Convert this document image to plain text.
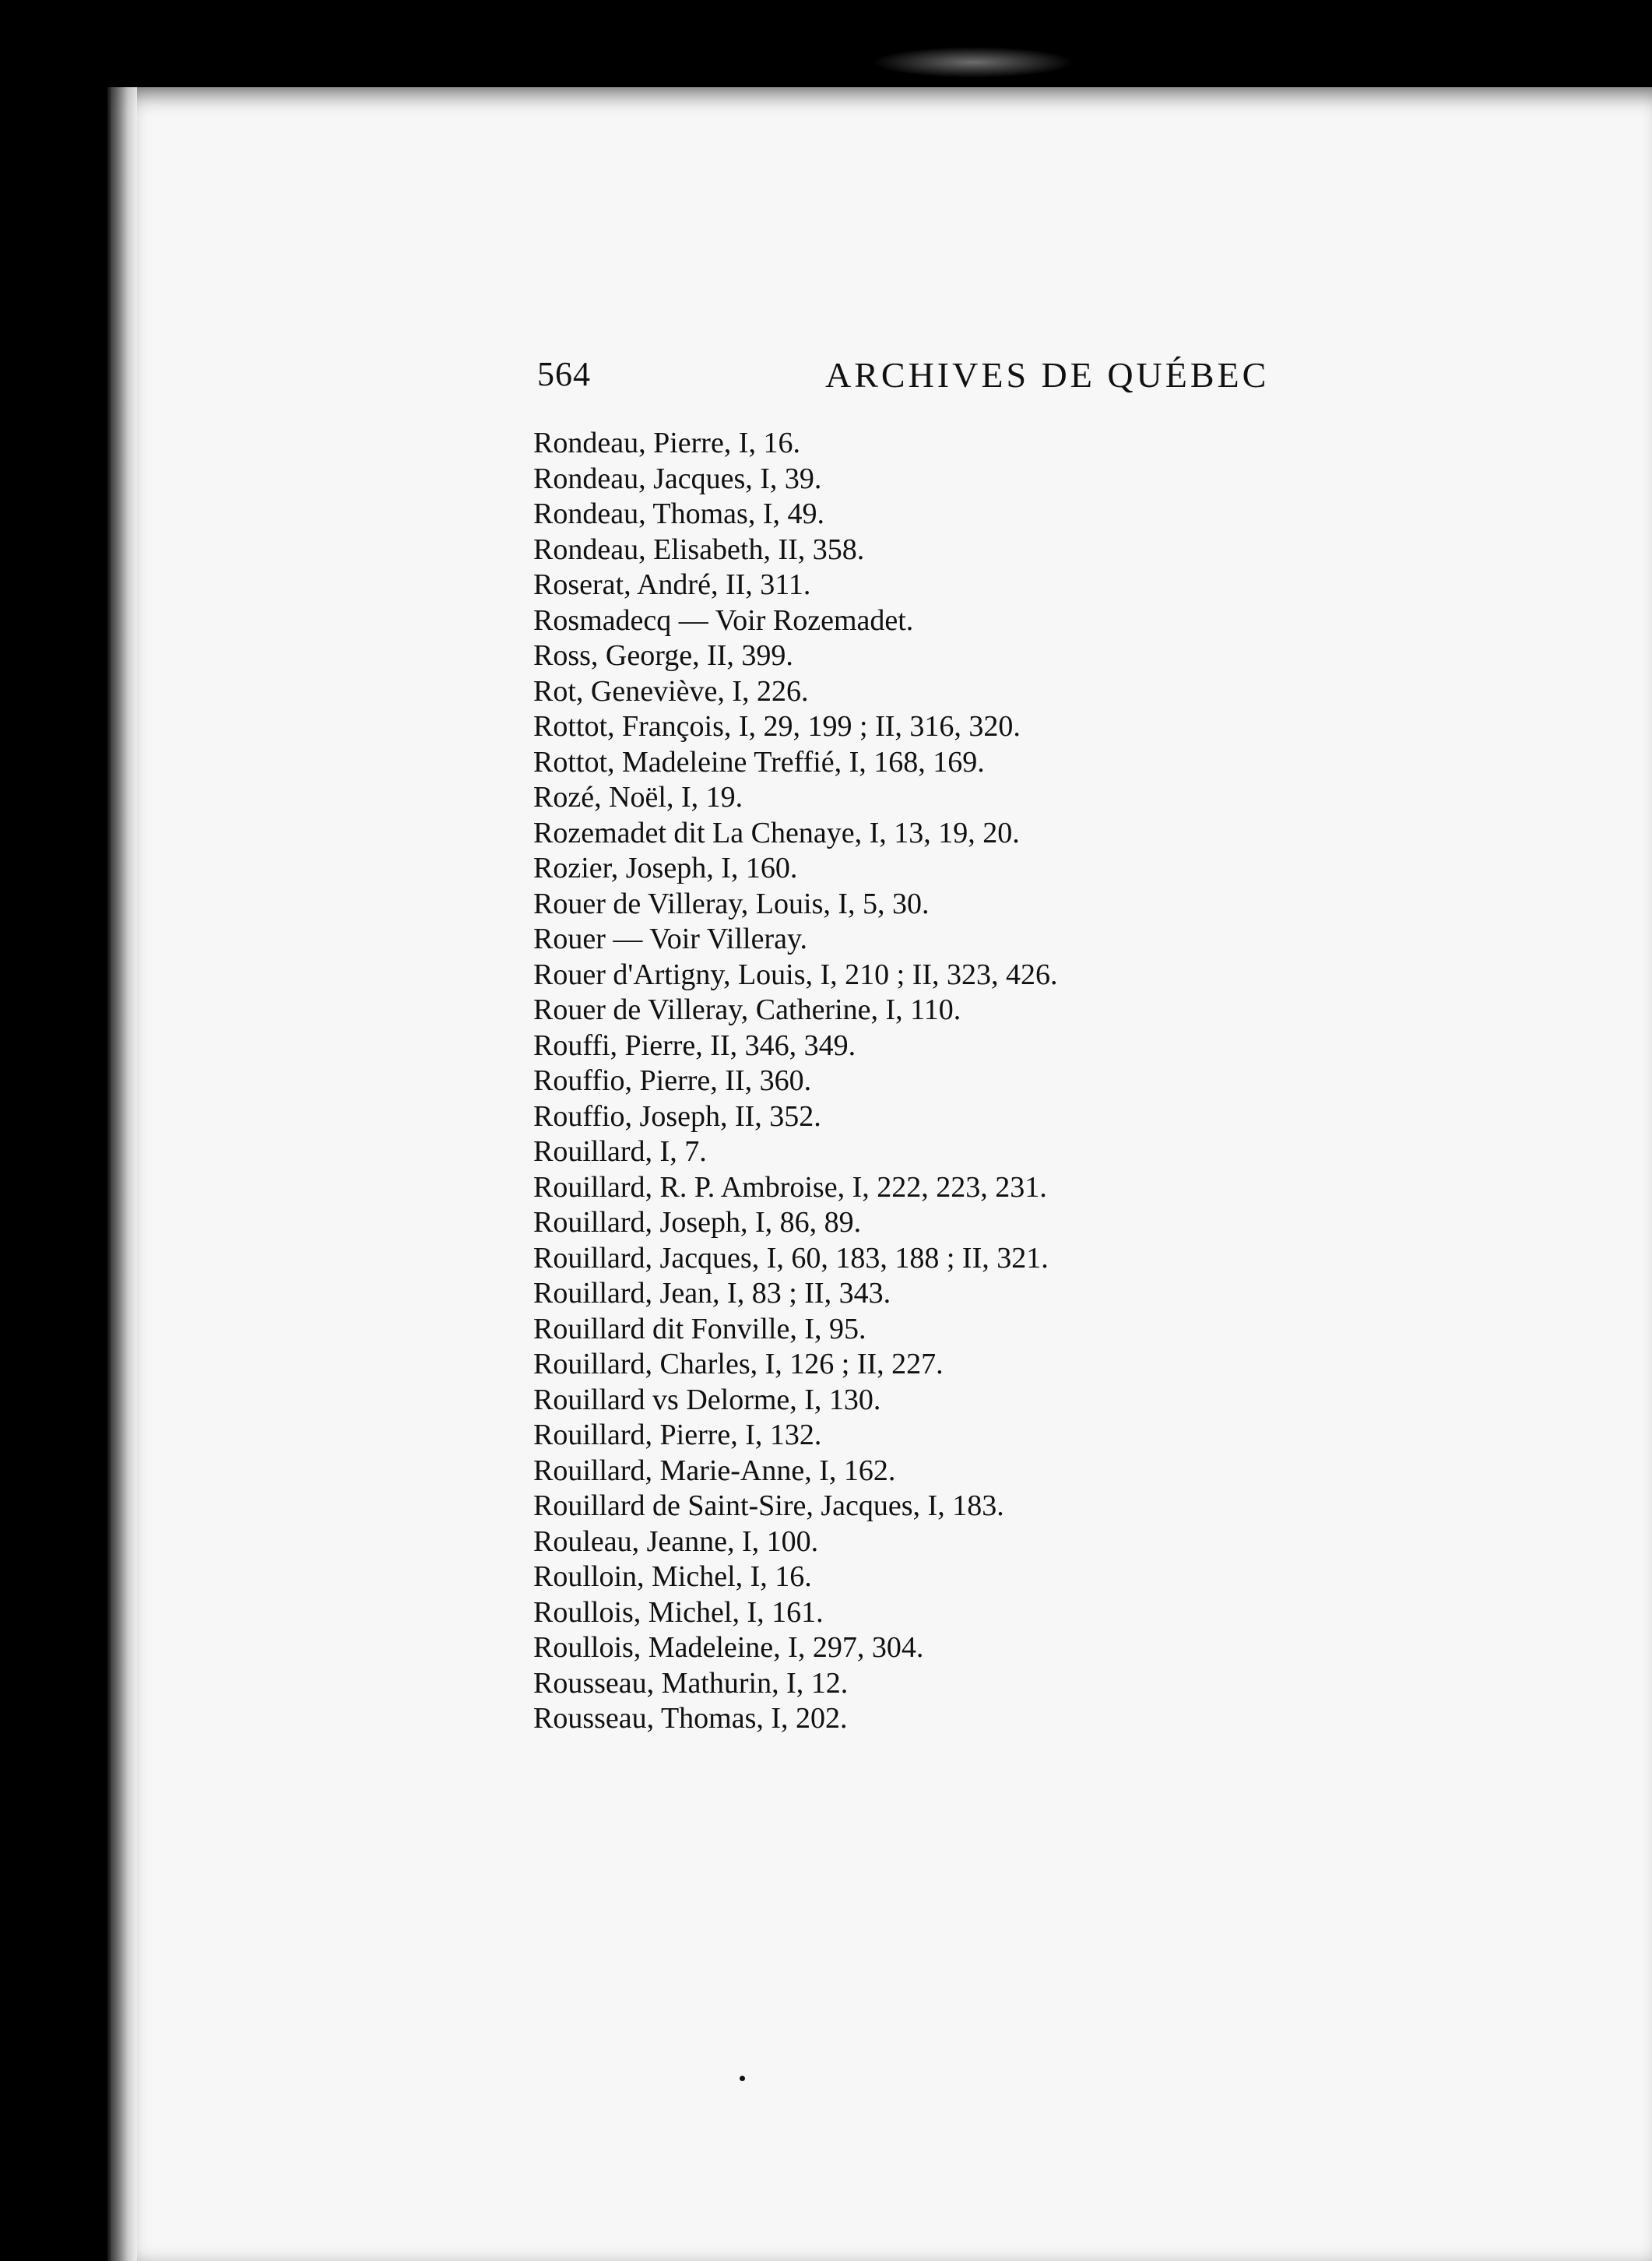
564	ARCHIVES DE QUÉBEC
Rondeau, Pierre, I, 16.
Rondeau, Jacques, I, 39.
Rondeau, Thomas, I, 49.
Rondeau, Elisabeth, II, 358.
Roserat, André, II, 311.
Rosmadecq — Voir Rozemadet.
Ross, George, II, 399.
Rot, Geneviève, I, 226.
Rottot, François, I, 29, 199 ; II, 316, 320.
Rottot, Madeleine Treffié, I, 168, 169.
Rozé, Noël, I, 19.
Rozemadet dit La Chenaye, I, 13, 19, 20.
Rozier, Joseph, I, 160.
Rouer de Villeray, Louis, I, 5, 30.
Rouer — Voir Villeray.
Rouer d'Artigny, Louis, I, 210 ; II, 323, 426.
Rouer de Villeray, Catherine, I, 110.
Rouffi, Pierre, II, 346, 349.
Rouffio, Pierre, II, 360.
Rouffio, Joseph, II, 352.
Rouillard, I, 7.
Rouillard, R. P. Ambroise, I, 222, 223, 231.
Rouillard, Joseph, I, 86, 89.
Rouillard, Jacques, I, 60, 183, 188 ; II, 321.
Rouillard, Jean, I, 83 ; II, 343.
Rouillard dit Fonville, I, 95.
Rouillard, Charles, I, 126 ; II, 227.
Rouillard vs Delorme, I, 130.
Rouillard, Pierre, I, 132.
Rouillard, Marie-Anne, I, 162.
Rouillard de Saint-Sire, Jacques, I, 183.
Rouleau, Jeanne, I, 100.
Roulloin, Michel, I, 16.
Roullois, Michel, I, 161.
Roullois, Madeleine, I, 297, 304.
Rousseau, Mathurin, I, 12.
Rousseau, Thomas, I, 202.
